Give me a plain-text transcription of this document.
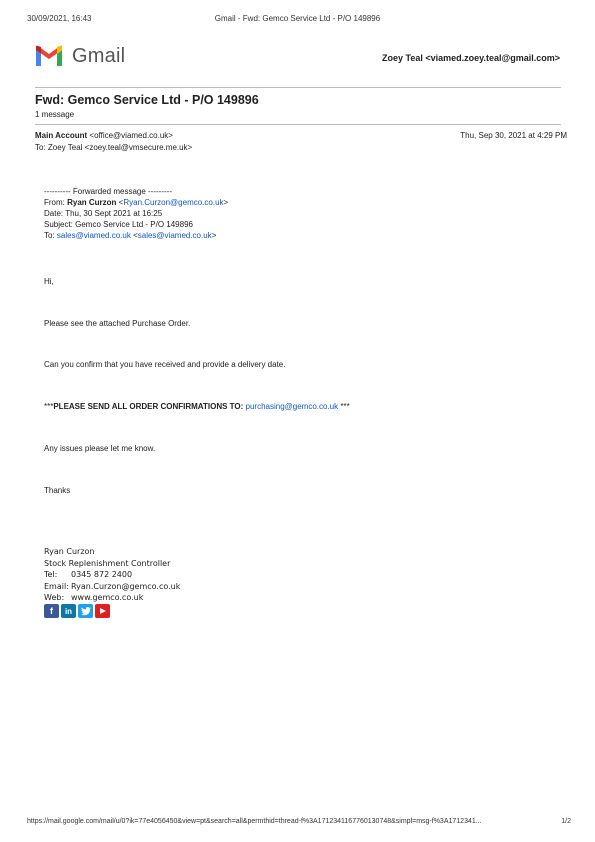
30/09/2021, 16:43	Gmail - Fwd: Gemco Service Ltd - P/O 149896
Gmail	Zoey Teal <viamed.zoey.teal@gmail.com>
Fwd: Gemco Service Ltd - P/O 149896
1 message
Main Account <office@viamed.co.uk>	Thu, Sep 30, 2021 at 4:29 PM
To: Zoey Teal <zoey.teal@vmsecure.me.uk>
---------- Forwarded message ---------
From: Ryan Curzon <Ryan.Curzon@gemco.co.uk>
Date: Thu, 30 Sept 2021 at 16:25
Subject: Gemco Service Ltd - P/O 149896
To: sales@viamed.co.uk <sales@viamed.co.uk>
Hi,
Please see the attached Purchase Order.
Can you confirm that you have received and provide a delivery date.
***PLEASE SEND ALL ORDER CONFIRMATIONS TO: purchasing@gemco.co.uk ***
Any issues please let me know.
Thanks
Ryan Curzon
Stock Replenishment Controller
Tel: 0345 872 2400
Email: Ryan.Curzon@gemco.co.uk
Web: www.gemco.co.uk
f	in
https://mail.google.com/mail/u/0?ik=77e4056450&view=pt&search=all&permthid=thread-f%3A1712341167760130748&simpl=msg-f%3A1712341...	1/2
